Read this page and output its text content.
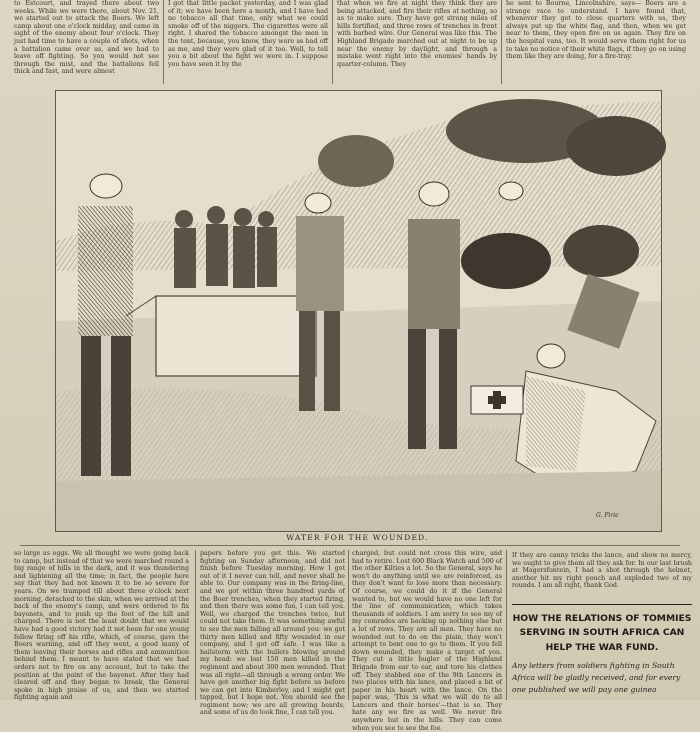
to Estcourt, and trayed there about two weeks. While we were there, about Nov. 21, we started out to attack the Boers. We left camp about one o'clock midday, and came in sight of the enemy about four o'clock. They just had time to have a couple of shots, when a battalion came over us, and we had to leave off fighting. So you would not see through the mist, and the battalions fell thick and fast, and were almost
I got that little packet yesterday, and I was glad of it; we have been here a month, and I have had no tobacco all that time, only what we could smoke off of the niggers. The cigarettes were all right. I shared the tobacco amongst the men in the tent, because, you know, they were as bad off as me, and they were glad of it too. Well, to tell you a bit about the fight we were in. I suppose you have seen it by the
that when we fire at night they think they are being attacked, and fire their rifles at nothing, so as to make sure. They have got strong miles of hills fortified, and three rows of trenches in front with barbed wire. Our General was like this. The Highland Brigade marched out at night to be up near the enemy by daylight, and through a mistake went right into the enemies' hands by quarter-column. They
he sent to Bourne, Lincolnshire, says— Boers are a strange race to understand. I have found that, whenever they get to close quarters with us, they always put up the white flag, and then, when we get near to them, they open fire on us again. They fire on the hospital vans, too. It would serve them right for us to take no notice of their white flags, if they go on using them like they are doing, for a fire-tray.
G. Pirie
WATER FOR THE WOUNDED.
so large as eggs. We all thought we were going back to camp, but instead of that we were marched round a big range of hills in the dark, and it was thundering and lightening all the time; in fact, the people here say that they had not known it to be so severe for years. On we tramped till about three o'clock next morning, detached to the skin, when we arrived at the back of the enemy's camp, and were ordered to fix bayonets, and to push up the foot of the hill and charged. There is not the least doubt that we would have had a good victory had it not been for one young fellow firing off his rifle, which, of course, gave the Boers warning, and off they went, a good many of them leaving their horses and rifles and ammunition behind them. I meant to have stated that we had orders not to fire on any account, but to take the position at the point of the bayonet. After they had cleared off and they began to break, the General spoke in high praise of us, and then we started fighting again and
papers before you get this. We started fighting on Sunday afternoon, and did not finish before Tuesday morning. How I got out of it I never can tell, and never shall be able to. Our company was in the firing-line, and we got within three hundred yards of the Boer trenches, when they started firing, and then there was some fun, I can tell you. Well, we charged the trenches twice, but could not take them. It was something awful to see the men falling all around you: we got thirty men killed and fifty wounded in our company, and I got off safe. I was like a hailstorm with the bullets blowing around my head: we lost 150 men killed in the regiment and about 300 men wounded. That was all right—all through a wrong order. We have got another big fight before us before we can get into Kimberley, and I might get tapped, but I hope not. You should see the regiment now; we are all growing beards, and some of us do look fine, I can tell you.
charged, but could not cross this wire, and had to retire. Lost 600 Black Watch and 500 of the other Kilties a lot. So the General, says he won't do anything until we are reinforced, as they don't want to lose more than necessary. Of course, we could do it if the General wanted to, but we would have no one left for the line of communication, which takes thousands of soldiers. I am sorry to see my of my comrades are backing up nothing else but a lot of rows. They are all men. They have no wounded out to do on the plain, they won't attempt to bent one to go to them. If you fell down wounded, they make a target of you. They cut a little bugler of the Highland Brigade from ear to ear, and tore his clothes off. They stabbed one of the 9th Lancers in two places with his lance, and placed a bit of paper in his heart with the lance. On the paper was, 'This is what we will do to all Lancers and their horses'—that is so. They hate any we fire as well. We never fire anywhere but in the hills. They can come when you see to see the foe.
If they are canny tricks the lance, and show no mercy, we ought to give them all they ask for. In our last brush at Magersfontein, I had a shot through the helmet, another hit my right pouch and exploded two of my rounds. I am all right, thank God.
HOW THE RELATIONS OF TOMMIES SERVING IN SOUTH AFRICA CAN HELP THE WAR FUND.
Any letters from soldiers fighting in South Africa will be gladly received, and for every one published we will pay one guinea
